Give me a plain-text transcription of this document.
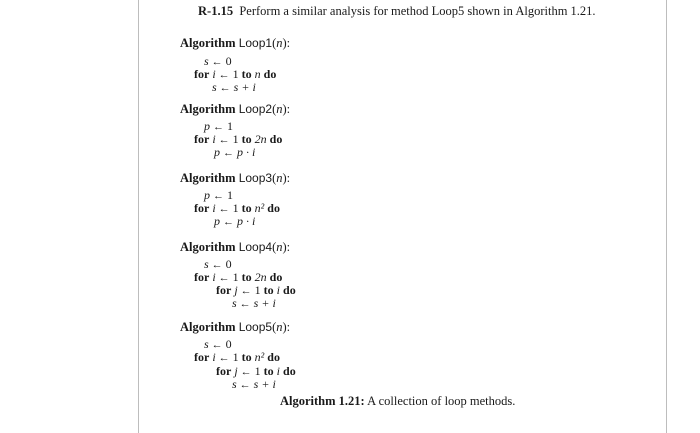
R-1.15 Perform a similar analysis for method Loop5 shown in Algorithm 1.21.
Algorithm Loop1(n):
s ← 0
for i ← 1 to n do
s ← s + i
Algorithm Loop2(n):
p ← 1
for i ← 1 to 2n do
p ← p · i
Algorithm Loop3(n):
p ← 1
for i ← 1 to n² do
p ← p · i
Algorithm Loop4(n):
s ← 0
for i ← 1 to 2n do
for j ← 1 to i do
s ← s + i
Algorithm Loop5(n):
s ← 0
for i ← 1 to n² do
for j ← 1 to i do
s ← s + i
Algorithm 1.21: A collection of loop methods.
